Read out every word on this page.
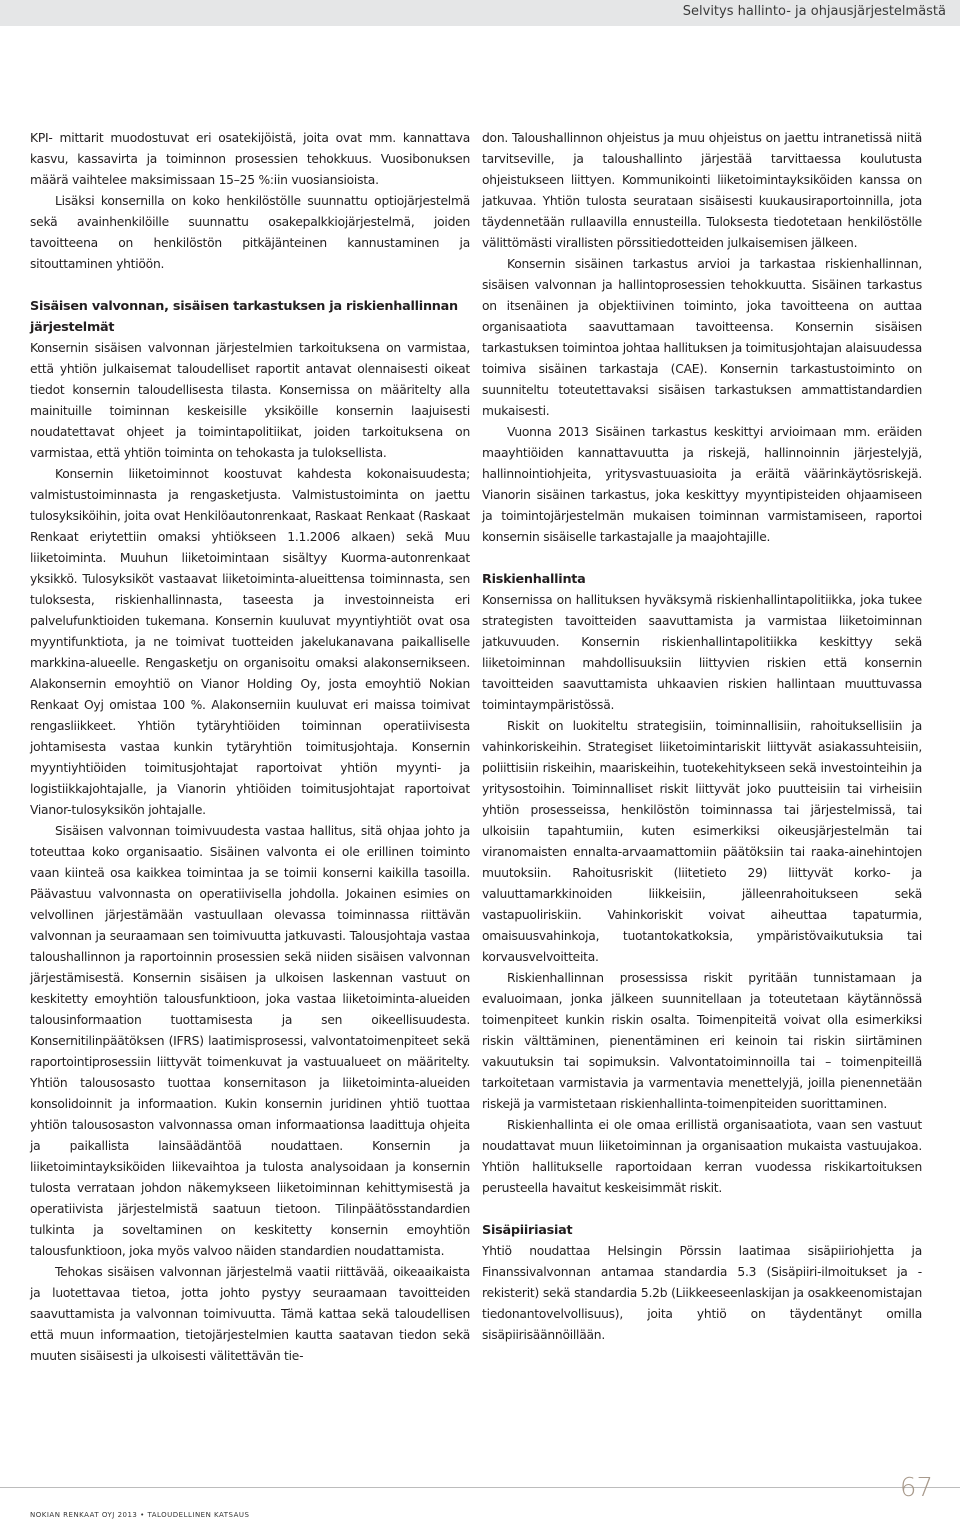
Selvitys hallinto- ja ohjausjärjestelmästä

KPI- mittarit muodostuvat eri osatekijöistä, joita ovat mm. kannattava kasvu, kassavirta ja toiminnon prosessien tehokkuus. Vuosibonuksen määrä vaihtelee maksimissaan 15–25 %:iin vuosiansioista.

Lisäksi konsernilla on koko henkilöstölle suunnattu optiojärjestelmä sekä avainhenkilöille suunnattu osakepalkkiojärjestelmä, joiden tavoitteena on henkilöstön pitkäjänteinen kannustaminen ja sitouttaminen yhtiöön.

Sisäisen valvonnan, sisäisen tarkastuksen ja riskienhallinnan järjestelmät

Konsernin sisäisen valvonnan järjestelmien tarkoituksena on varmistaa, että yhtiön julkaisemat taloudelliset raportit antavat olennaisesti oikeat tiedot konsernin taloudellisesta tilasta. Konsernissa on määritelty alla mainituille toiminnan keskeisille yksiköille konsernin laajuisesti noudatettavat ohjeet ja toimintapolitiikat, joiden tarkoituksena on varmistaa, että yhtiön toiminta on tehokasta ja tuloksellista.

Konsernin liiketoiminnot koostuvat kahdesta kokonaisuudesta; valmistustoiminnasta ja rengasketjusta. Valmistustoiminta on jaettu tulosyksiköihin, joita ovat Henkilöautonrenkaat, Raskaat Renkaat (Raskaat Renkaat eriytettiin omaksi yhtiökseen 1.1.2006 alkaen) sekä Muu liiketoiminta. Muuhun liiketoimintaan sisältyy Kuorma-autonrenkaat yksikkö. Tulosyksiköt vastaavat liiketoiminta-alueittensa toiminnasta, sen tuloksesta, riskienhallinnasta, taseesta ja investoinneista eri palvelufunktioiden tukemana. Konsernin kuuluvat myyntiyhtiöt ovat osa myyntifunktiota, ja ne toimivat tuotteiden jakelukanavana paikalliselle markkina-alueelle. Rengasketju on organisoitu omaksi alakonsernikseen. Alakonsernin emoyhtiö on Vianor Holding Oy, josta emoyhtiö Nokian Renkaat Oyj omistaa 100 %. Alakonserniin kuuluvat eri maissa toimivat rengasliikkeet. Yhtiön tytäryhtiöiden toiminnan operatiivisesta johtamisesta vastaa kunkin tytäryhtiön toimitusjohtaja. Konsernin myyntiyhtiöiden toimitusjohtajat raportoivat yhtiön myynti- ja logistiikkajohtajalle, ja Vianorin yhtiöiden toimitusjohtajat raportoivat Vianor-tulosyksikön johtajalle.

Sisäisen valvonnan toimivuudesta vastaa hallitus, sitä ohjaa johto ja toteuttaa koko organisaatio. Sisäinen valvonta ei ole erillinen toiminto vaan kiinteä osa kaikkea toimintaa ja se toimii konserni kaikilla tasoilla. Päävastuu valvonnasta on operatiivisella johdolla. Jokainen esimies on velvollinen järjestämään vastuullaan olevassa toiminnassa riittävän valvonnan ja seuraamaan sen toimivuutta jatkuvasti. Talousjohtaja vastaa taloushallinnon ja raportoinnin prosessien sekä niiden sisäisen valvonnan järjestämisestä. Konsernin sisäisen ja ulkoisen laskennan vastuut on keskitetty emoyhtiön talousfunktioon, joka vastaa liiketoiminta-alueiden talousinformaation tuottamisesta ja sen oikeellisuudesta. Konsernitilinpäätöksen (IFRS) laatimisprosessi, valvontatoimenpiteet sekä raportointiprosessiin liittyvät toimenkuvat ja vastuualueet on määritelty. Yhtiön talousosasto tuottaa konsernitason ja liiketoiminta-alueiden konsolidoinnit ja informaation. Kukin konsernin juridinen yhtiö tuottaa yhtiön talousosaston valvonnassa oman informaationsa laadittuja ohjeita ja paikallista lainsäädäntöä noudattaen. Konsernin ja liiketoimintayksiköiden liikevaihtoa ja tulosta analysoidaan ja konsernin tulosta verrataan johdon näkemykseen liiketoiminnan kehittymisestä ja operatiivista järjestelmistä saatuun tietoon. Tilinpäätösstandardien tulkinta ja soveltaminen on keskitetty konsernin emoyhtiön talousfunktioon, joka myös valvoo näiden standardien noudattamista.

Tehokas sisäisen valvonnan järjestelmä vaatii riittävää, oikeaaikaista ja luotettavaa tietoa, jotta johto pystyy seuraamaan tavoitteiden saavuttamista ja valvonnan toimivuutta. Tämä kattaa sekä taloudellisen että muun informaation, tietojärjestelmien kautta saatavan tiedon sekä muuten sisäisesti ja ulkoisesti välitettävän tie-

don. Taloushallinnon ohjeistus ja muu ohjeistus on jaettu intranetissä niitä tarvitseville, ja taloushallinto järjestää tarvittaessa koulutusta ohjeistukseen liittyen. Kommunikointi liiketoimintayksiköiden kanssa on jatkuvaa. Yhtiön tulosta seurataan sisäisesti kuukausiraportoinnilla, jota täydennetään rullaavilla ennusteilla. Tuloksesta tiedotetaan henkilöstölle välittömästi virallisten pörssitiedotteiden julkaisemisen jälkeen.

Konsernin sisäinen tarkastus arvioi ja tarkastaa riskienhallinnan, sisäisen valvonnan ja hallintoprosessien tehokkuutta. Sisäinen tarkastus on itsenäinen ja objektiivinen toiminto, joka tavoitteena on auttaa organisaatiota saavuttamaan tavoitteensa. Konsernin sisäisen tarkastuksen toimintoa johtaa hallituksen ja toimitusjohtajan alaisuudessa toimiva sisäinen tarkastaja (CAE). Konsernin tarkastustoiminto on suunniteltu toteutettavaksi sisäisen tarkastuksen ammattistandardien mukaisesti.

Vuonna 2013 Sisäinen tarkastus keskittyi arvioimaan mm. eräiden maayhtiöiden kannattavuutta ja riskejä, hallinnoinnin järjestelyjä, hallinnointiohjeita, yritysvastuuasioita ja eräitä väärinkäytösriskejä. Vianorin sisäinen tarkastus, joka keskittyy myyntipisteiden ohjaamiseen ja toimintojärjestelmän mukaisen toiminnan varmistamiseen, raportoi konsernin sisäiselle tarkastajalle ja maajohtajille.

Riskienhallinta

Konsernissa on hallituksen hyväksymä riskienhallintapolitiikka, joka tukee strategisten tavoitteiden saavuttamista ja varmistaa liiketoiminnan jatkuvuuden. Konsernin riskienhallintapolitiikka keskittyy sekä liiketoiminnan mahdollisuuksiin liittyvien riskien että konsernin tavoitteiden saavuttamista uhkaavien riskien hallintaan muuttuvassa toimintaympäristössä.

Riskit on luokiteltu strategisiin, toiminnallisiin, rahoituksellisiin ja vahinkoriskeihin. Strategiset liiketoimintariskit liittyvät asiakassuhteisiin, poliittisiin riskeihin, maariskeihin, tuotekehitykseen sekä investointeihin ja yritysostoihin. Toiminnalliset riskit liittyvät joko puutteisiin tai virheisiin yhtiön prosesseissa, henkilöstön toiminnassa tai järjestelmissä, tai ulkoisiin tapahtumiin, kuten esimerkiksi oikeusjärjestelmän tai viranomaisten ennalta-arvaamattomiin päätöksiin tai raaka-ainehintojen muutoksiin. Rahoitusriskit (liitetieto 29) liittyvät korko- ja valuuttamarkkinoiden liikkeisiin, jälleenrahoitukseen sekä vastapuoliriskiin. Vahinkoriskit voivat aiheuttaa tapaturmia, omaisuusvahinkoja, tuotantokatkoksia, ympäristövaikutuksia tai korvausvelvoitteita.

Riskienhallinnan prosessissa riskit pyritään tunnistamaan ja evaluoimaan, jonka jälkeen suunnitellaan ja toteutetaan käytännössä toimenpiteet kunkin riskin osalta. Toimenpiteitä voivat olla esimerkiksi riskin välttäminen, pienentäminen eri keinoin tai riskin siirtäminen vakuutuksin tai sopimuksin. Valvontatoiminnoilla tai – toimenpiteillä tarkoitetaan varmistavia ja varmentavia menettelyjä, joilla pienennetään riskejä ja varmistetaan riskienhallinta-toimenpiteiden suorittaminen.

Riskienhallinta ei ole omaa erillistä organisaatiota, vaan sen vastuut noudattavat muun liiketoiminnan ja organisaation mukaista vastuujakoa. Yhtiön hallitukselle raportoidaan kerran vuodessa riskikartoituksen perusteella havaitut keskeisimmät riskit.

Sisäpiiriasiat

Yhtiö noudattaa Helsingin Pörssin laatimaa sisäpiiriohjetta ja Finanssivalvonnan antamaa standardia 5.3 (Sisäpiiri-ilmoitukset ja -rekisterit) sekä standardia 5.2b (Liikkeeseenlaskijan ja osakkeenomistajan tiedonantovelvollisuus), joita yhtiö on täydentänyt omilla sisäpiirisäännöillään.

NOKIAN RENKAAT OYJ 2013 • TALOUDELLINEN KATSAUS
67
